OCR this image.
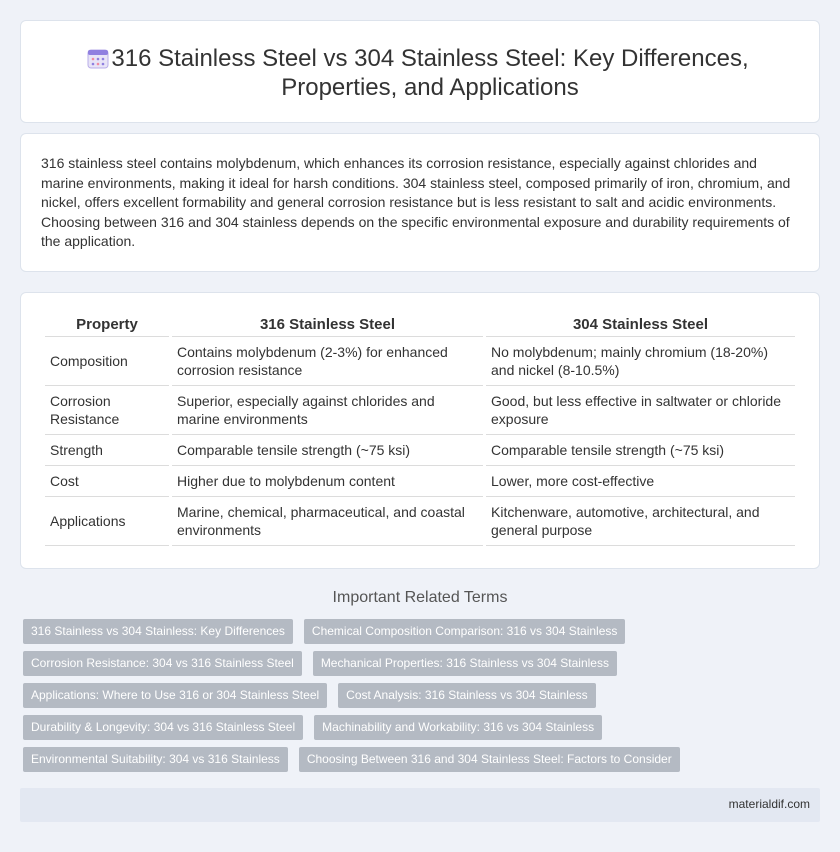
316 Stainless Steel vs 304 Stainless Steel: Key Differences, Properties, and Applications

316 stainless steel contains molybdenum, which enhances its corrosion resistance, especially against chlorides and marine environments, making it ideal for harsh conditions. 304 stainless steel, composed primarily of iron, chromium, and nickel, offers excellent formability and general corrosion resistance but is less resistant to salt and acidic environments. Choosing between 316 and 304 stainless depends on the specific environmental exposure and durability requirements of the application.

Property	316 Stainless Steel	304 Stainless Steel
Composition	Contains molybdenum (2-3%) for enhanced corrosion resistance	No molybdenum; mainly chromium (18-20%) and nickel (8-10.5%)
Corrosion Resistance	Superior, especially against chlorides and marine environments	Good, but less effective in saltwater or chloride exposure
Strength	Comparable tensile strength (~75 ksi)	Comparable tensile strength (~75 ksi)
Cost	Higher due to molybdenum content	Lower, more cost-effective
Applications	Marine, chemical, pharmaceutical, and coastal environments	Kitchenware, automotive, architectural, and general purpose
Important Related Terms
316 Stainless vs 304 Stainless: Key Differences	Chemical Composition Comparison: 316 vs 304 Stainless
Corrosion Resistance: 304 vs 316 Stainless Steel	Mechanical Properties: 316 Stainless vs 304 Stainless
Applications: Where to Use 316 or 304 Stainless Steel	Cost Analysis: 316 Stainless vs 304 Stainless
Durability & Longevity: 304 vs 316 Stainless Steel	Machinability and Workability: 316 vs 304 Stainless
Environmental Suitability: 304 vs 316 Stainless	Choosing Between 316 and 304 Stainless Steel: Factors to Consider
materialdif.com
